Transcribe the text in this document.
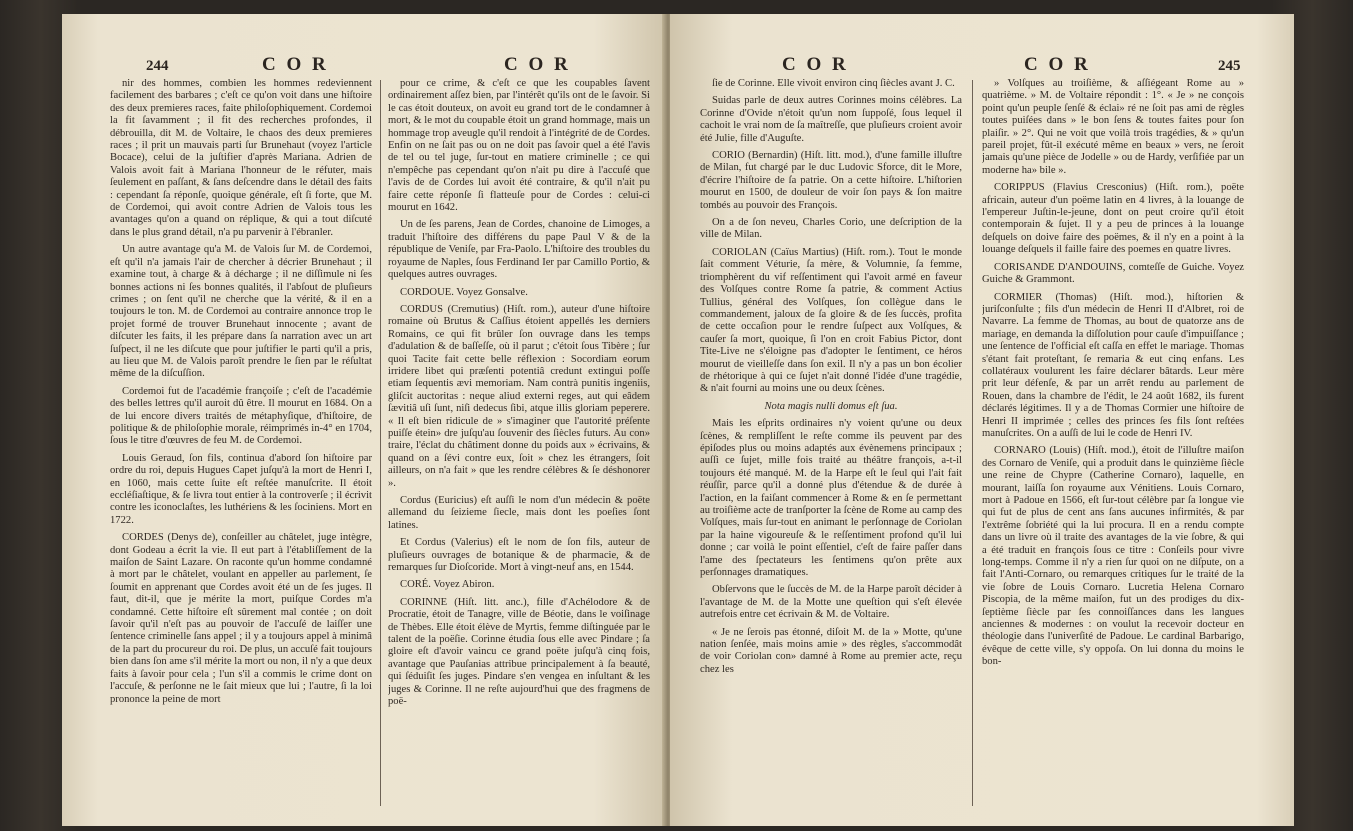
244	C O R	C O R

nir des hommes, combien les hommes redeviennent facilement des barbares ; c'eſt ce qu'on voit dans une hiſtoire des deux premieres races, faite philoſophiquement. Cordemoi la fit ſavamment ; il fit des recherches profondes, il débrouilla, dit M. de Voltaire, le chaos des deux premieres races ; il prit un mauvais parti ſur Brunehaut (voyez l'article Bocace), celui de la juſtifier d'après Mariana. Adrien de Valois avoit fait à Mariana l'honneur de le réfuter, mais ſeulement en paſſant, & ſans deſcendre dans le détail des faits : cependant ſa réponſe, quoique générale, eſt ſi forte, que M. de Cordemoi, qui avoit contre Adrien de Valois tous les avantages qu'on a quand on réplique, & qui a tout diſcuté dans le plus grand détail, n'a pu parvenir à l'ébranler.

Un autre avantage qu'a M. de Valois ſur M. de Cordemoi, eſt qu'il n'a jamais l'air de chercher à décrier Brunehaut ; il examine tout, à charge & à décharge ; il ne diſſimule ni ſes bonnes actions ni ſes bonnes qualités, il l'abſout de pluſieurs crimes ; on ſent qu'il ne cherche que la vérité, & il en a toujours le ton. M. de Cordemoi au contraire annonce trop le projet formé de trouver Brunehaut innocente ; avant de diſcuter les faits, il les prépare dans ſa narration avec un art ſuſpect, il ne les diſcute que pour juſtifier le parti qu'il a pris, au lieu que M. de Valois paroît prendre le ſien par le réſultat même de la diſcuſſion.

Cordemoi fut de l'académie françoiſe ; c'eſt de l'académie des belles lettres qu'il auroit dû être. Il mourut en 1684. On a de lui encore divers traités de métaphyſique, d'hiſtoire, de politique & de philoſophie morale, réimprimés in-4° en 1704, ſous le titre d'œuvres de feu M. de Cordemoi.

Louis Geraud, ſon fils, continua d'abord ſon hiſtoire par ordre du roi, depuis Hugues Capet juſqu'à la mort de Henri I, en 1060, mais cette ſuite eſt reſtée manuſcrite. Il étoit eccléſiaſtique, & ſe livra tout entier à la controverſe ; il écrivit contre les iconoclaſtes, les luthériens & les ſociniens. Mort en 1722.

CORDES (Denys de), conſeiller au châtelet, juge intègre, dont Godeau a écrit la vie. Il eut part à l'établiſſement de la maiſon de Saint Lazare. On raconte qu'un homme condamné à mort par le châtelet, voulant en appeller au parlement, ſe ſoumit en apprenant que Cordes avoit été un de ſes juges. Il faut, dit-il, que je mérite la mort, puiſque Cordes m'a condamné. Cette hiſtoire eſt sûrement mal contée ; on doit ſavoir qu'il n'eſt pas au pouvoir de l'accuſé de laiſſer une ſentence criminelle ſans appel ; il y a toujours appel à minimâ de la part du procureur du roi. De plus, un accuſé fait toujours bien dans ſon ame s'il mérite la mort ou non, il n'y a que deux faits à ſavoir pour cela ; l'un s'il a commis le crime dont on l'accuſe, & perſonne ne le ſait mieux que lui ; l'autre, ſi la loi prononce la peine de mort

pour ce crime, & c'eſt ce que les coupables ſavent ordinairement aſſez bien, par l'intérêt qu'ils ont de le ſavoir. Si le cas étoit douteux, on avoit eu grand tort de le condamner à mort, & le mot du coupable étoit un grand hommage, mais un hommage trop aveugle qu'il rendoit à l'intégrité de de Cordes. Enfin on ne ſait pas ou on ne doit pas ſavoir quel a été l'avis de tel ou tel juge, ſur-tout en matiere criminelle ; ce qui n'empêche pas cependant qu'on n'ait pu dire à l'accuſé que l'avis de de Cordes lui avoit été contraire, & qu'il n'ait pu faire cette réponſe ſi flatteuſe pour de Cordes : celui-ci mourut en 1642.

Un de ſes parens, Jean de Cordes, chanoine de Limoges, a traduit l'hiſtoire des différens du pape Paul V & de la république de Veniſe, par Fra-Paolo. L'hiſtoire des troubles du royaume de Naples, ſous Ferdinand Ier par Camillo Portio, & quelques autres ouvrages.

CORDOUE. Voyez Gonsalve.

CORDUS (Cremutius) (Hiſt. rom.), auteur d'une hiſtoire romaine où Brutus & Caſſius étoient appellés les derniers Romains, ce qui fit brûler ſon ouvrage dans les temps d'adulation & de baſſeſſe, où il parut ; c'étoit ſous Tibère ; ſur quoi Tacite fait cette belle réflexion : Socordiam eorum irridere libet qui præſenti potentiâ credunt extingui poſſe etiam ſequentis ævi memoriam. Nam contrà punitis ingeniis, gliſcit auctoritas : neque aliud externi reges, aut qui eâdem ſævitiâ uſi ſunt, niſi dedecus ſibi, atque illis gloriam peperere. « Il eſt bien ridicule de » s'imaginer que l'autorité préſente puiſſe étein» dre juſqu'au ſouvenir des ſiècles futurs. Au con» traire, l'éclat du châtiment donne du poids aux » écrivains, & quand on a ſévi contre eux, ſoit » chez les étrangers, ſoit ailleurs, on n'a fait » que les rendre célèbres & ſe déshonorer ».

Cordus (Euricius) eſt auſſi le nom d'un médecin & poëte allemand du ſeizieme ſiecle, mais dont les poeſies ſont latines.

Et Cordus (Valerius) eſt le nom de ſon fils, auteur de pluſieurs ouvrages de botanique & de pharmacie, & de remarques ſur Dioſcoride. Mort à vingt-neuf ans, en 1544.

CORÉ. Voyez Abiron.

CORINNE (Hiſt. litt. anc.), fille d'Achélodore & de Procratie, étoit de Tanagre, ville de Béotie, dans le voiſinage de Thèbes. Elle étoit élève de Myrtis, femme diſtinguée par le talent de la poëſie. Corinne étudia ſous elle avec Pindare ; ſa gloire eſt d'avoir vaincu ce grand poëte juſqu'à cinq fois, avantage que Pauſanias attribue principalement à ſa beauté, qui ſéduiſit ſes juges. Pindare s'en vengea en inſultant & les juges & Corinne. Il ne reſte aujourd'hui que des fragmens de poë-

C O R	C O R	245

ſie de Corinne. Elle vivoit environ cinq ſiècles avant J. C.

Suidas parle de deux autres Corinnes moins célèbres. La Corinne d'Ovide n'étoit qu'un nom ſuppoſé, ſous lequel il cachoit le vrai nom de ſa maîtreſſe, que pluſieurs croient avoir été Julie, fille d'Auguſte.

CORIO (Bernardin) (Hiſt. litt. mod.), d'une famille illuſtre de Milan, fut chargé par le duc Ludovic Sforce, dit le More, d'écrire l'hiſtoire de ſa patrie. On a cette hiſtoire. L'hiſtorien mourut en 1500, de douleur de voir ſon pays & ſon maitre tombés au pouvoir des François.

On a de ſon neveu, Charles Corio, une deſcription de la ville de Milan.

CORIOLAN (Caïus Martius) (Hiſt. rom.). Tout le monde ſait comment Véturie, ſa mère, & Volumnie, ſa femme, triomphèrent du vif reſſentiment qui l'avoit armé en faveur des Volſques contre Rome ſa patrie, & comment Actius Tullius, général des Volſques, ſon collègue dans le commandement, jaloux de ſa gloire & de ſes ſuccès, profita de cette occaſion pour le rendre ſuſpect aux Volſques, & cauſer ſa mort, quoique, ſi l'on en croit Fabius Pictor, dont Tite-Live ne s'éloigne pas d'adopter le ſentiment, ce héros mourut de vieilleſſe dans ſon exil. Il n'y a pas un bon écolier de rhétorique à qui ce ſujet n'ait donné l'idée d'une tragédie, & n'ait fourni au moins une ou deux ſcènes.

Nota magis nulli domus eſt ſua.

Mais les eſprits ordinaires n'y voient qu'une ou deux ſcènes, & rempliſſent le reſte comme ils peuvent par des épiſodes plus ou moins adaptés aux évènemens principaux ; auſſi ce ſujet, mille fois traité au théâtre françois, a-t-il toujours été manqué. M. de la Harpe eſt le ſeul qui l'ait fait réuſſir, parce qu'il a donné plus d'étendue & de durée à l'action, en la faiſant commencer à Rome & en ſe permettant au troiſième acte de tranſporter la ſcène de Rome au camp des Volſques, mais ſur-tout en animant le perſonnage de Coriolan par la haine vigoureuſe & le reſſentiment profond qu'il lui donne ; car voilà le point eſſentiel, c'eſt de faire paſſer dans l'ame des ſpectateurs les ſentimens qu'on prête aux perſonnages dramatiques.

Obſervons que le ſuccès de M. de la Harpe paroît décider à l'avantage de M. de la Motte une queſtion qui s'eſt élevée autrefois entre cet écrivain & M. de Voltaire.

« Je ne ſerois pas étonné, diſoit M. de la » Motte, qu'une nation ſenſée, mais moins amie » des règles, s'accommodât de voir Coriolan con» damné à Rome au premier acte, reçu chez les

» Volſques au troiſième, & aſſiégeant Rome au » quatrième. » M. de Voltaire répondit : 1°. « Je » ne conçois point qu'un peuple ſenſé & éclai» ré ne ſoit pas ami de règles toutes puiſées dans » le bon ſens & toutes faites pour ſon plaiſir. » 2°. Qui ne voit que voilà trois tragédies, & » qu'un pareil projet, fût-il exécuté même en beaux » vers, ne ſeroit jamais qu'une pièce de Jodelle » ou de Hardy, verſifiée par un moderne ha» bile ».

CORIPPUS (Flavius Cresconius) (Hiſt. rom.), poëte africain, auteur d'un poëme latin en 4 livres, à la louange de l'empereur Juſtin-le-jeune, dont on peut croire qu'il étoit contemporain & ſujet. Il y a peu de princes à la louange deſquels on doive faire des poëmes, & il n'y en a point à la louange deſquels il faille faire des poemes en quatre livres.

CORISANDE D'ANDOUINS, comteſſe de Guiche. Voyez Guiche & Grammont.

CORMIER (Thomas) (Hiſt. mod.), hiſtorien & juriſconſulte ; fils d'un médecin de Henri II d'Albret, roi de Navarre. La femme de Thomas, au bout de quatorze ans de mariage, en demanda la diſſolution pour cauſe d'impuiſſance ; une ſentence de l'official eſt caſſa en effet le mariage. Thomas s'étant fait proteſtant, ſe remaria & eut cinq enfans. Les collatéraux voulurent les faire déclarer bâtards. Leur mère prit leur défenſe, & par un arrêt rendu au parlement de Rouen, dans la chambre de l'édit, le 24 août 1682, ils furent déclarés légitimes. Il y a de Thomas Cormier une hiſtoire de Henri II imprimée ; celles des princes ſes fils ſont reſtées manuſcrites. On a auſſi de lui le code de Henri IV.

CORNARO (Louis) (Hiſt. mod.), étoit de l'illuſtre maiſon des Cornaro de Veniſe, qui a produit dans le quinzième ſiècle une reine de Chypre (Catherine Cornaro), laquelle, en mourant, laiſſa ſon royaume aux Vénitiens. Louis Cornaro, mort à Padoue en 1566, eſt ſur-tout célèbre par ſa longue vie qui fut de plus de cent ans ſans aucunes infirmités, & par l'extrême ſobriété qui la lui procura. Il en a rendu compte dans un livre où il traite des avantages de la vie ſobre, & qui a été traduit en françois ſous ce titre : Conſeils pour vivre long-temps. Comme il n'y a rien ſur quoi on ne diſpute, on a fait l'Anti-Cornaro, ou remarques critiques ſur le traité de la vie ſobre de Louis Cornaro. Lucretia Helena Cornaro Piscopia, de la même maiſon, fut un des prodiges du dix-ſeptième ſiècle par ſes connoiſſances dans les langues anciennes & modernes : on voulut la recevoir docteur en théologie dans l'univerſité de Padoue. Le cardinal Barbarigo, évêque de cette ville, s'y oppoſa. On lui donna du moins le bon-
